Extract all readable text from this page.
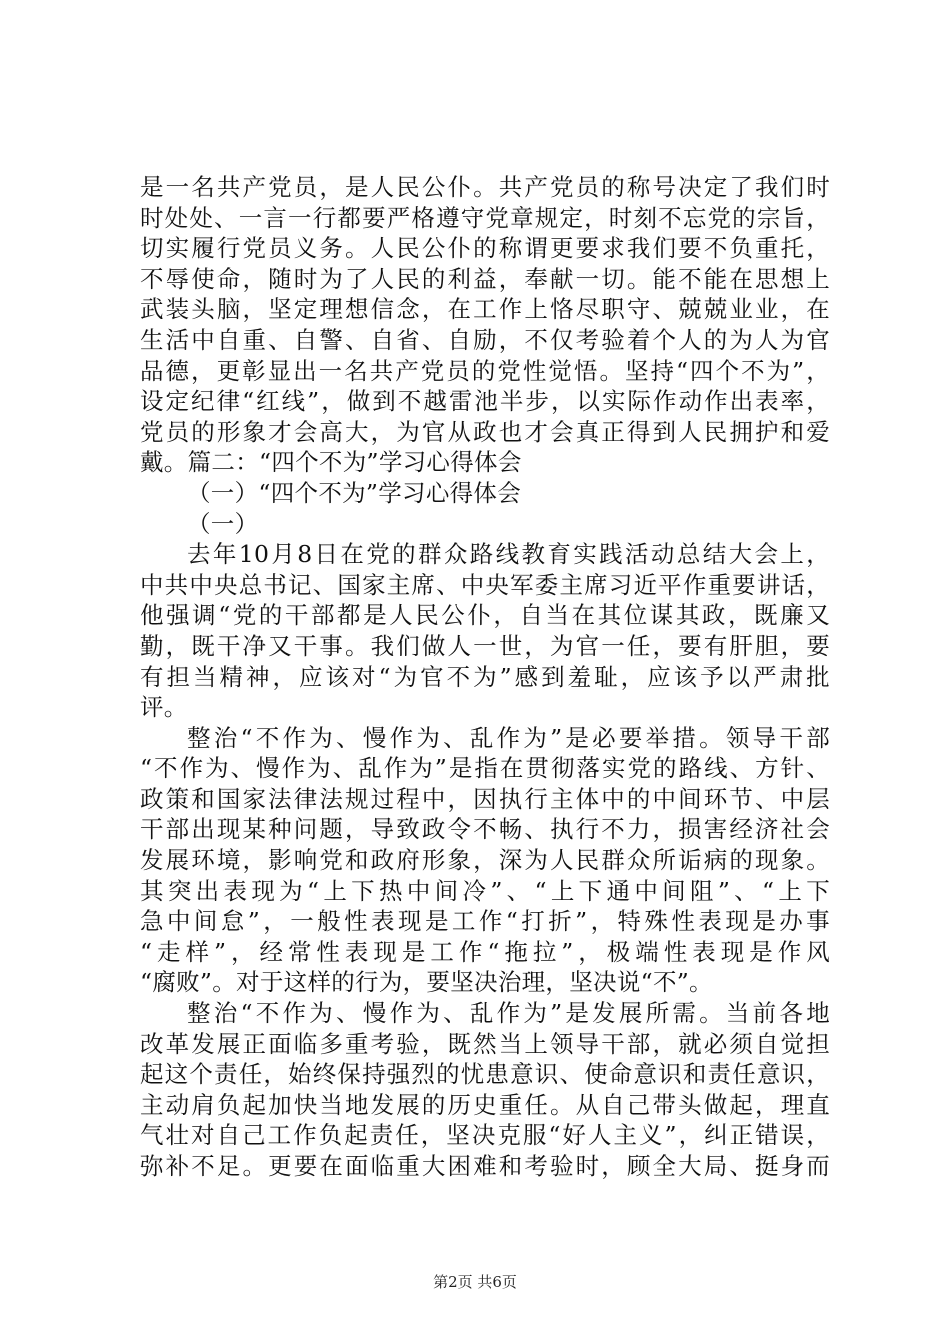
是一名共产党员，是人民公仆。共产党员的称号决定了我们时
时处处、一言一行都要严格遵守党章规定，时刻不忘党的宗旨，
切实履行党员义务。人民公仆的称谓更要求我们要不负重托，
不辱使命，随时为了人民的利益，奉献一切。能不能在思想上
武装头脑，坚定理想信念，在工作上恪尽职守、兢兢业业，在
生活中自重、自警、自省、自励，不仅考验着个人的为人为官
品德，更彰显出一名共产党员的党性觉悟。坚持“四个不为”，
设定纪律“红线”，做到不越雷池半步，以实际作动作出表率，
党员的形象才会高大，为官从政也才会真正得到人民拥护和爱
戴。篇二：“四个不为”学习心得体会
（一）“四个不为”学习心得体会
（一）
去年10月8日在党的群众路线教育实践活动总结大会上，
中共中央总书记、国家主席、中央军委主席习近平作重要讲话，
他强调“党的干部都是人民公仆，自当在其位谋其政，既廉又
勤，既干净又干事。我们做人一世，为官一任，要有肝胆，要
有担当精神，应该对“为官不为”感到羞耻，应该予以严肃批
评。
整治“不作为、慢作为、乱作为”是必要举措。领导干部
“不作为、慢作为、乱作为”是指在贯彻落实党的路线、方针、
政策和国家法律法规过程中，因执行主体中的中间环节、中层
干部出现某种问题，导致政令不畅、执行不力，损害经济社会
发展环境，影响党和政府形象，深为人民群众所诟病的现象。
其突出表现为“上下热中间冷”、“上下通中间阻”、“上下
急中间怠”，一般性表现是工作“打折”，特殊性表现是办事
“走样”，经常性表现是工作“拖拉”，极端性表现是作风
“腐败”。对于这样的行为，要坚决治理，坚决说“不”。
整治“不作为、慢作为、乱作为”是发展所需。当前各地
改革发展正面临多重考验，既然当上领导干部，就必须自觉担
起这个责任，始终保持强烈的忧患意识、使命意识和责任意识，
主动肩负起加快当地发展的历史重任。从自己带头做起，理直
气壮对自己工作负起责任，坚决克服“好人主义”，纠正错误，
弥补不足。更要在面临重大困难和考验时，顾全大局、挺身而
第2页 共6页
